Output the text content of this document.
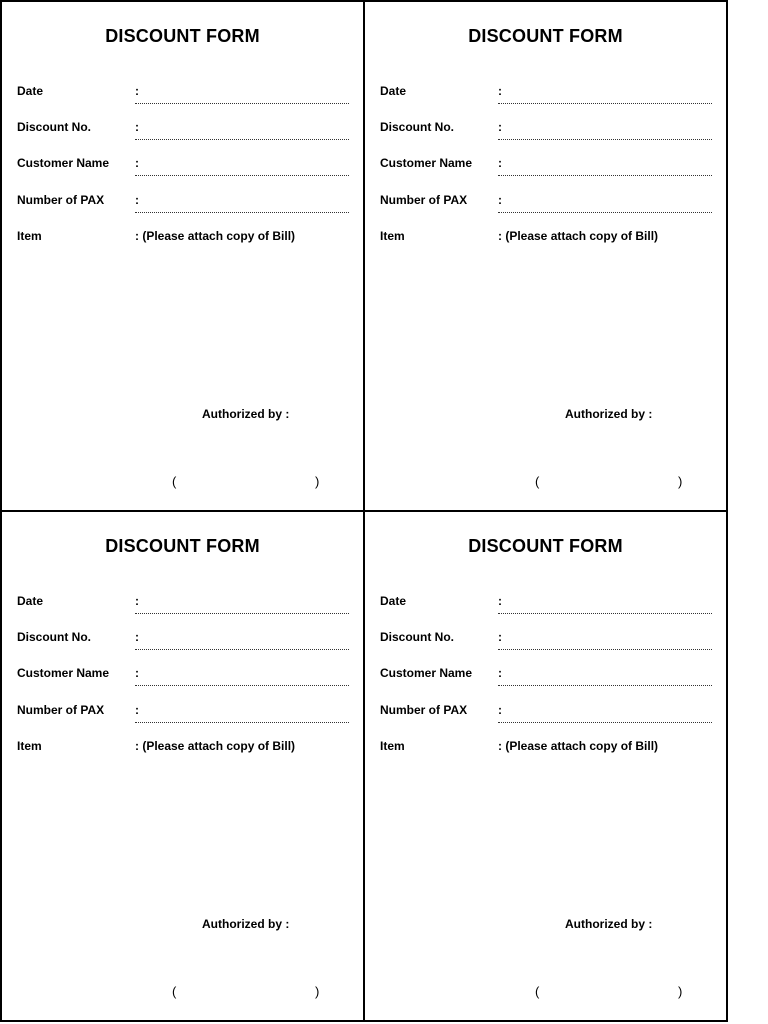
DISCOUNT FORM
Date	:
Discount No.	:
Customer Name :
Number of PAX	:
Item	: (Please attach copy of Bill)
Authorized by :
(	)
DISCOUNT FORM
Date	:
Discount No.	:
Customer Name :
Number of PAX	:
Item	: (Please attach copy of Bill)
Authorized by :
(	)
DISCOUNT FORM
Date	:
Discount No.	:
Customer Name :
Number of PAX	:
Item	: (Please attach copy of Bill)
Authorized by :
(	)
DISCOUNT FORM
Date	:
Discount No.	:
Customer Name :
Number of PAX	:
Item	: (Please attach copy of Bill)
Authorized by :
(	)
